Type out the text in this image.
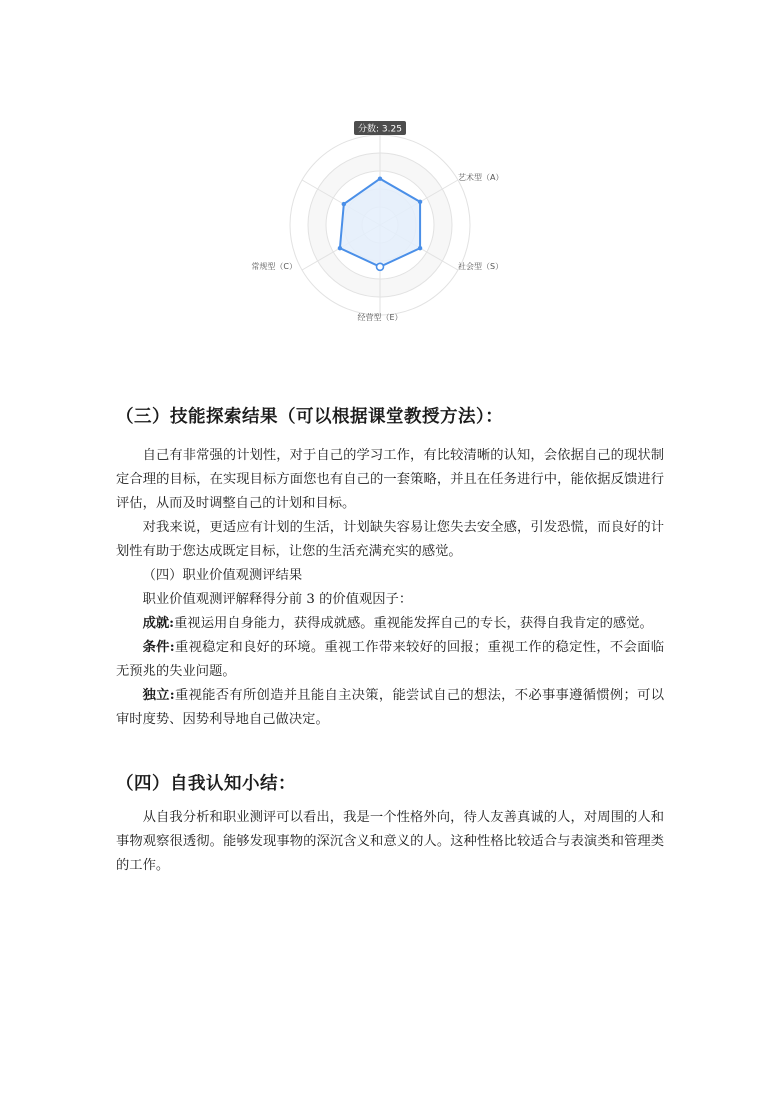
艺术型（A）
社会型（S）
经营型（E）
常规型（C）
分数: 3.25
（三）技能探索结果（可以根据课堂教授方法）：

自己有非常强的计划性，对于自己的学习工作，有比较清晰的认知，会依据自己的现状制定合理的目标，在实现目标方面您也有自己的一套策略，并且在任务进行中，能依据反馈进行评估，从而及时调整自己的计划和目标。

对我来说，更适应有计划的生活，计划缺失容易让您失去安全感，引发恐慌，而良好的计划性有助于您达成既定目标，让您的生活充满充实的感觉。

（四）职业价值观测评结果

职业价值观测评解释得分前 3 的价值观因子：

成就:重视运用自身能力，获得成就感。重视能发挥自己的专长，获得自我肯定的感觉。

条件:重视稳定和良好的环境。重视工作带来较好的回报；重视工作的稳定性，不会面临无预兆的失业问题。

独立:重视能否有所创造并且能自主决策，能尝试自己的想法，不必事事遵循惯例；可以审时度势、因势利导地自己做决定。

（四）自我认知小结：

从自我分析和职业测评可以看出，我是一个性格外向，待人友善真诚的人，对周围的人和事物观察很透彻。能够发现事物的深沉含义和意义的人。这种性格比较适合与表演类和管理类的工作。
